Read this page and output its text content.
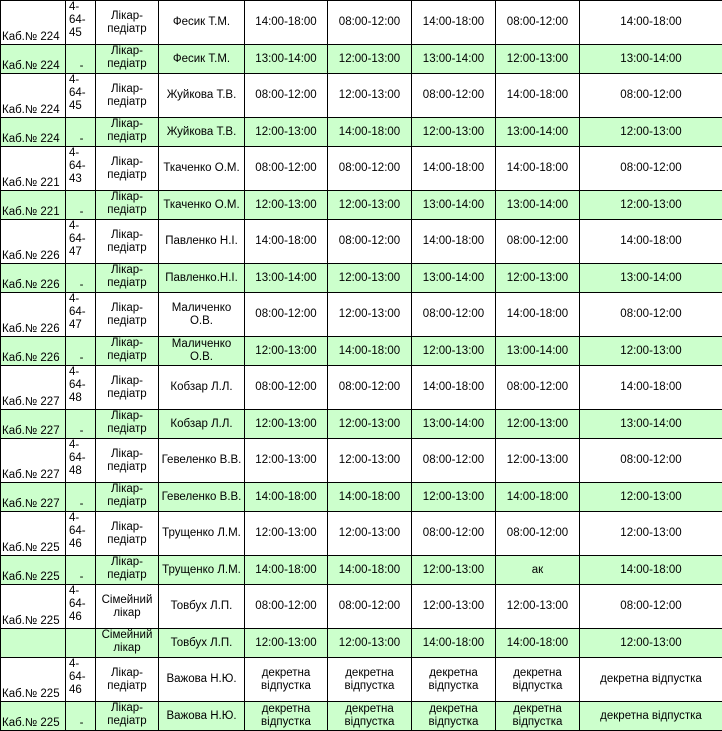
Каб.№ 224	4-64-45	Лікар-педіатр	Фесик Т.М.	14:00-18:00	08:00-12:00	14:00-18:00	08:00-12:00	14:00-18:00
Каб.№ 224	-	Лікар-педіатр	Фесик Т.М.	13:00-14:00	12:00-13:00	13:00-14:00	12:00-13:00	13:00-14:00
Каб.№ 224	4-64-45	Лікар-педіатр	Жуйкова Т.В.	08:00-12:00	12:00-13:00	08:00-12:00	14:00-18:00	08:00-12:00
Каб.№ 224	-	Лікар-педіатр	Жуйкова Т.В.	12:00-13:00	14:00-18:00	12:00-13:00	13:00-14:00	12:00-13:00
Каб.№ 221	4-64-43	Лікар-педіатр	Ткаченко О.М.	08:00-12:00	08:00-12:00	14:00-18:00	14:00-18:00	08:00-12:00
Каб.№ 221	-	Лікар-педіатр	Ткаченко О.М.	12:00-13:00	12:00-13:00	13:00-14:00	13:00-14:00	12:00-13:00
Каб.№ 226	4-64-47	Лікар-педіатр	Павленко Н.І.	14:00-18:00	08:00-12:00	14:00-18:00	08:00-12:00	14:00-18:00
Каб.№ 226	-	Лікар-педіатр	Павленко.Н.І.	13:00-14:00	12:00-13:00	13:00-14:00	12:00-13:00	13:00-14:00
Каб.№ 226	4-64-47	Лікар-педіатр	Маличенко О.В.	08:00-12:00	12:00-13:00	08:00-12:00	14:00-18:00	08:00-12:00
Каб.№ 226	-	Лікар-педіатр	Маличенко О.В.	12:00-13:00	14:00-18:00	12:00-13:00	13:00-14:00	12:00-13:00
Каб.№ 227	4-64-48	Лікар-педіатр	Кобзар Л.Л.	08:00-12:00	08:00-12:00	14:00-18:00	08:00-12:00	14:00-18:00
Каб.№ 227	-	Лікар-педіатр	Кобзар Л.Л.	12:00-13:00	12:00-13:00	13:00-14:00	12:00-13:00	13:00-14:00
Каб.№ 227	4-64-48	Лікар-педіатр	Гевеленко В.В.	12:00-13:00	12:00-13:00	08:00-12:00	12:00-13:00	08:00-12:00
Каб.№ 227	-	Лікар-педіатр	Гевеленко В.В.	14:00-18:00	14:00-18:00	12:00-13:00	14:00-18:00	12:00-13:00
Каб.№ 225	4-64-46	Лікар-педіатр	Трущенко Л.М.	12:00-13:00	12:00-13:00	08:00-12:00	08:00-12:00	12:00-13:00
Каб.№ 225	-	Лікар-педіатр	Трущенко Л.М.	14:00-18:00	14:00-18:00	12:00-13:00	ак	14:00-18:00
Каб.№ 225	4-64-46	Сімейний лікар	Товбух Л.П.	08:00-12:00	08:00-12:00	12:00-13:00	12:00-13:00	08:00-12:00
		Сімейний лікар	Товбух Л.П.	12:00-13:00	12:00-13:00	14:00-18:00	14:00-18:00	12:00-13:00
Каб.№ 225	4-64-46	Лікар-педіатр	Важова Н.Ю.	декретна відпустка	декретна відпустка	декретна відпустка	декретна відпустка	декретна відпустка
Каб.№ 225	-	Лікар-педіатр	Важова Н.Ю.	декретна відпустка	декретна відпустка	декретна відпустка	декретна відпустка	декретна відпустка
